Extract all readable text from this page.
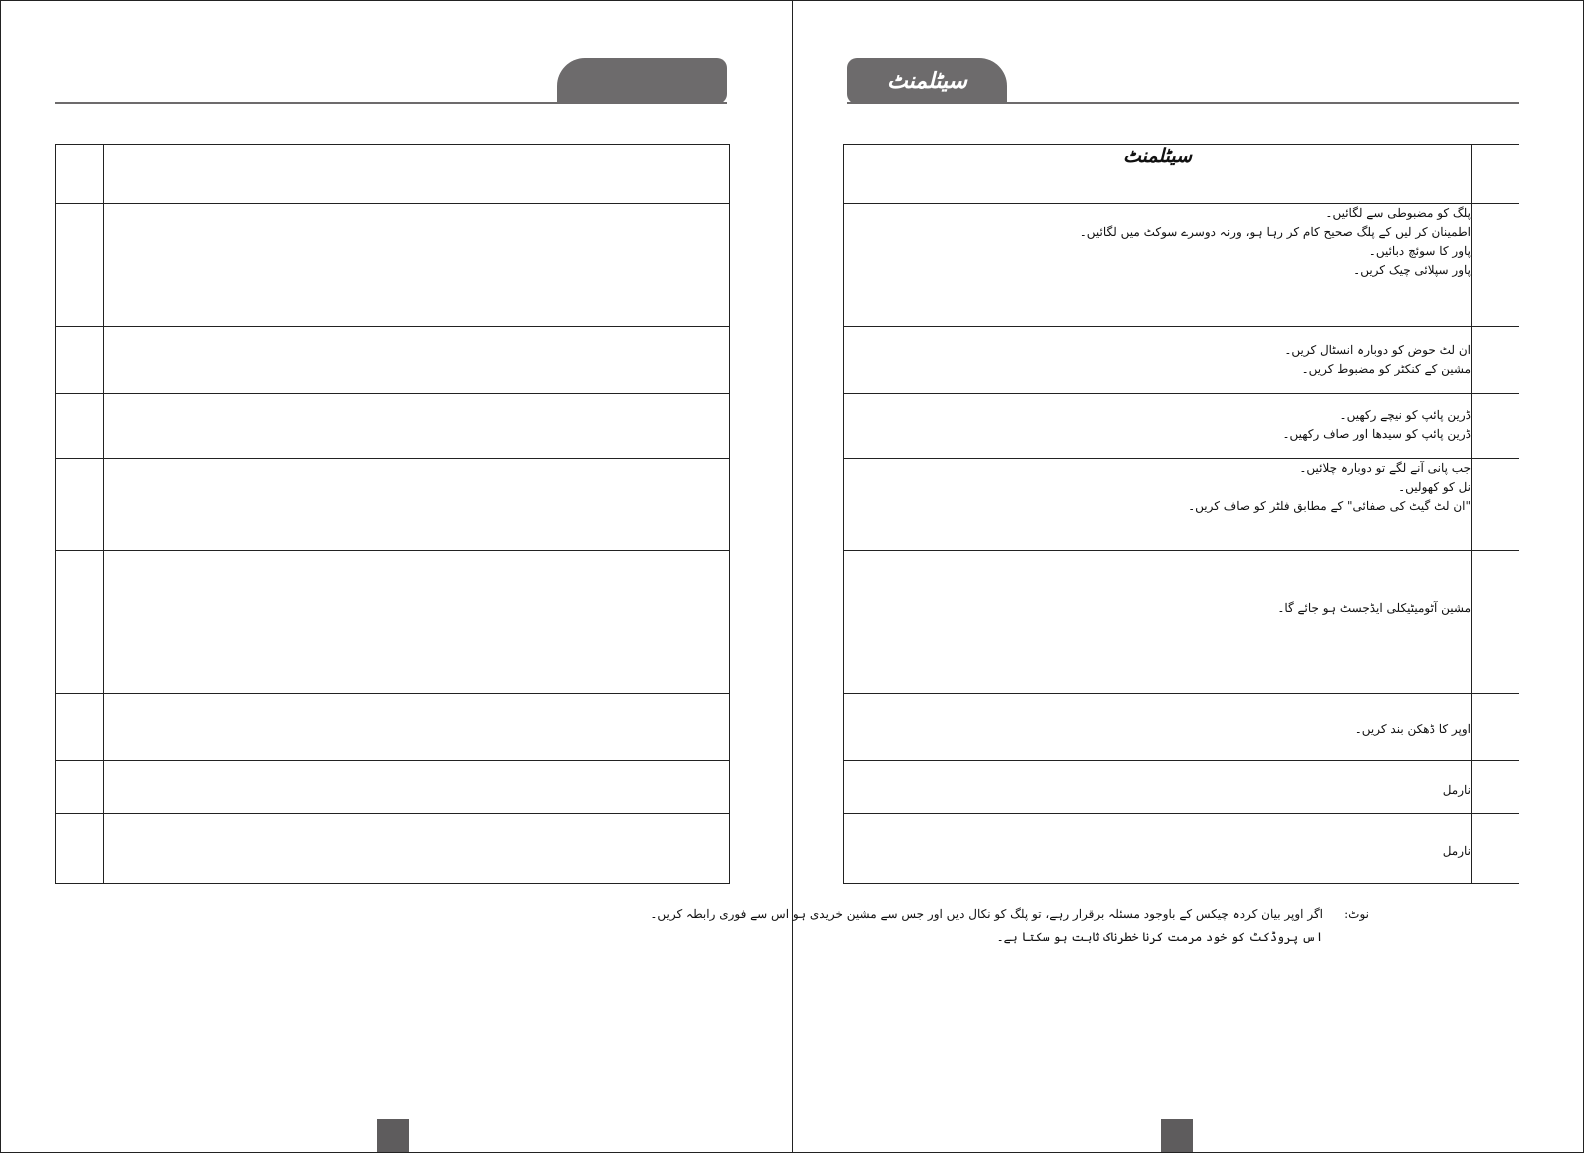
سیٹلمنٹ
سیٹلمنٹ	

پلگ کو مضبوطی سے لگائیں۔
اطمینان کر لیں کے پلگ صحیح کام کر رہا ہو، ورنہ دوسرے سوکٹ میں لگائیں۔
پاور کا سوئچ دبائیں۔
پاور سپلائی چیک کریں۔	

ان لٹ حوض کو دوبارہ انسٹال کریں۔
مشین کے کنکٹر کو مضبوط کریں۔	

ڈرین پائپ کو نیچے رکھیں۔
ڈرین پائپ کو سیدھا اور صاف رکھیں۔	

جب پانی آنے لگے تو دوبارہ چلائیں۔
نل کو کھولیں۔
"ان لٹ گیٹ کی صفائی" کے مطابق فلٹر کو صاف کریں۔	

مشین آٹومیٹیکلی ایڈجسٹ ہو جائے گا۔	

اوپر کا ڈھکن بند کریں۔	

نارمل	

نارمل	

نوٹ:
اگر اوپر بیان کردہ چیکس کے باوجود مسئلہ برقرار رہے، تو پلگ کو نکال دیں اور جس سے مشین خریدی ہو اس سے فوری رابطہ کریں۔
اس پروڈکٹ کو خود مرمت کرنا خطرناک ثابت ہو سکتا ہے۔
